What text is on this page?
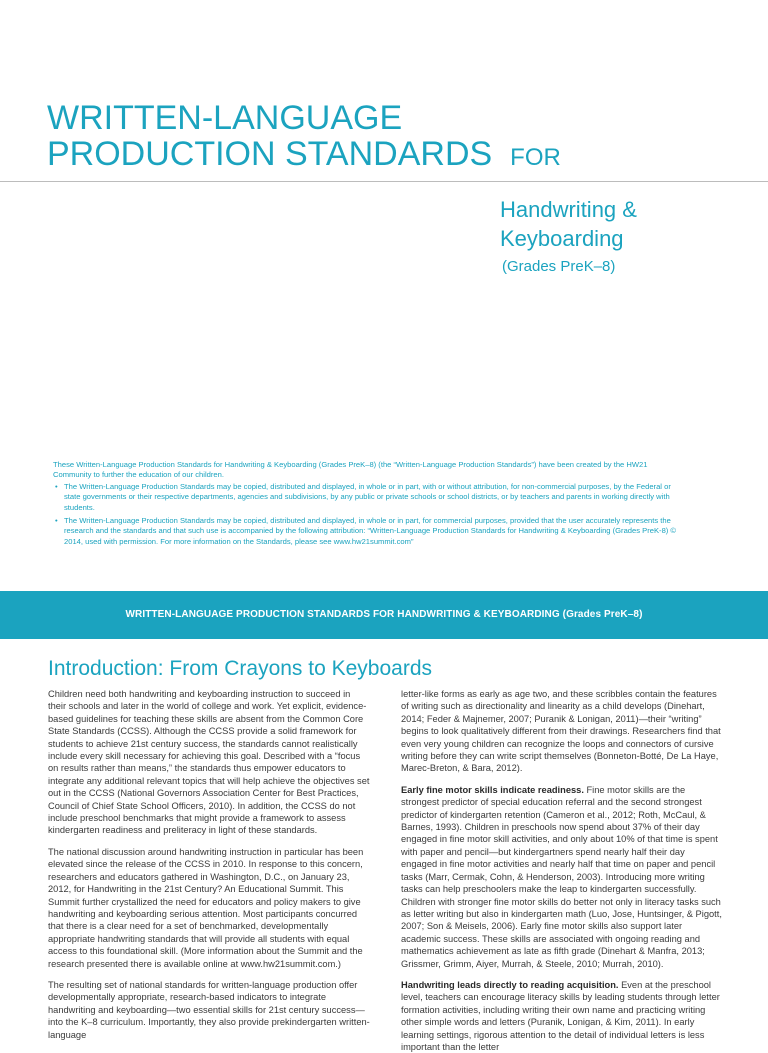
WRITTEN-LANGUAGE
PRODUCTION STANDARDS FOR
Handwriting &
Keyboarding
(Grades PreK–8)

These Written-Language Production Standards for Handwriting & Keyboarding (Grades PreK–8) (the “Written-Language Production Standards”) have been created by the HW21 Community to further the education of our children.

• The Written-Language Production Standards may be copied, distributed and displayed, in whole or in part, with or without attribution, for non-commercial purposes, by the Federal or state governments or their respective departments, agencies and subdivisions, by any public or private schools or school districts, or by teachers and parents in working directly with students.
• The Written-Language Production Standards may be copied, distributed and displayed, in whole or in part, for commercial purposes, provided that the user accurately represents the research and the standards and that such use is accompanied by the following attribution: “Written-Language Production Standards for Handwriting & Keyboarding (Grades PreK-8) © 2014, used with permission. For more information on the Standards, please see www.hw21summit.com”
WRITTEN-LANGUAGE PRODUCTION STANDARDS FOR HANDWRITING & KEYBOARDING (Grades PreK–8)
Introduction: From Crayons to Keyboards

Children need both handwriting and keyboarding instruction to succeed in their schools and later in the world of college and work. Yet explicit, evidence-based guidelines for teaching these skills are absent from the Common Core State Standards (CCSS). Although the CCSS provide a solid framework for students to achieve 21st century success, the standards cannot realistically include every skill necessary for achieving this goal. Described with a “focus on results rather than means,” the standards thus empower educators to integrate any additional relevant topics that will help achieve the objectives set out in the CCSS (National Governors Association Center for Best Practices, Council of Chief State School Officers, 2010). In addition, the CCSS do not include preschool benchmarks that might provide a framework to assess kindergarten readiness and preliteracy in light of these standards.

The national discussion around handwriting instruction in particular has been elevated since the release of the CCSS in 2010. In response to this concern, researchers and educators gathered in Washington, D.C., on January 23, 2012, for Handwriting in the 21st Century? An Educational Summit. This Summit further crystallized the need for educators and policy makers to give handwriting and keyboarding serious attention. Most participants concurred that there is a clear need for a set of benchmarked, developmentally appropriate handwriting standards that will provide all students with equal access to this foundational skill. (More information about the Summit and the research presented there is available online at www.hw21summit.com.)

The resulting set of national standards for written-language production offer developmentally appropriate, research-based indicators to integrate handwriting and keyboarding—two essential skills for 21st century success—into the K–8 curriculum. Importantly, they also provide prekindergarten written-language

letter-like forms as early as age two, and these scribbles contain the features of writing such as directionality and linearity as a child develops (Dinehart, 2014; Feder & Majnemer, 2007; Puranik & Lonigan, 2011)—their “writing” begins to look qualitatively different from their drawings. Researchers find that even very young children can recognize the loops and connectors of cursive writing before they can write script themselves (Bonneton-Botté, De La Haye, Marec-Breton, & Bara, 2012).

Early fine motor skills indicate readiness. Fine motor skills are the strongest predictor of special education referral and the second strongest predictor of kindergarten retention (Cameron et al., 2012; Roth, McCaul, & Barnes, 1993). Children in preschools now spend about 37% of their day engaged in fine motor skill activities, and only about 10% of that time is spent with paper and pencil—but kindergartners spend nearly half their day engaged in fine motor activities and nearly half that time on paper and pencil tasks (Marr, Cermak, Cohn, & Henderson, 2003). Introducing more writing tasks can help preschoolers make the leap to kindergarten successfully. Children with stronger fine motor skills do better not only in literacy tasks such as letter writing but also in kindergarten math (Luo, Jose, Huntsinger, & Pigott, 2007; Son & Meisels, 2006). Early fine motor skills also support later academic success. These skills are associated with ongoing reading and mathematics achievement as late as fifth grade (Dinehart & Manfra, 2013; Grissmer, Grimm, Aiyer, Murrah, & Steele, 2010; Murrah, 2010).

Handwriting leads directly to reading acquisition. Even at the preschool level, teachers can encourage literacy skills by leading students through letter formation activities, including writing their own name and practicing writing other simple words and letters (Puranik, Lonigan, & Kim, 2011). In early learning settings, rigorous attention to the detail of individual letters is less important than the letter
